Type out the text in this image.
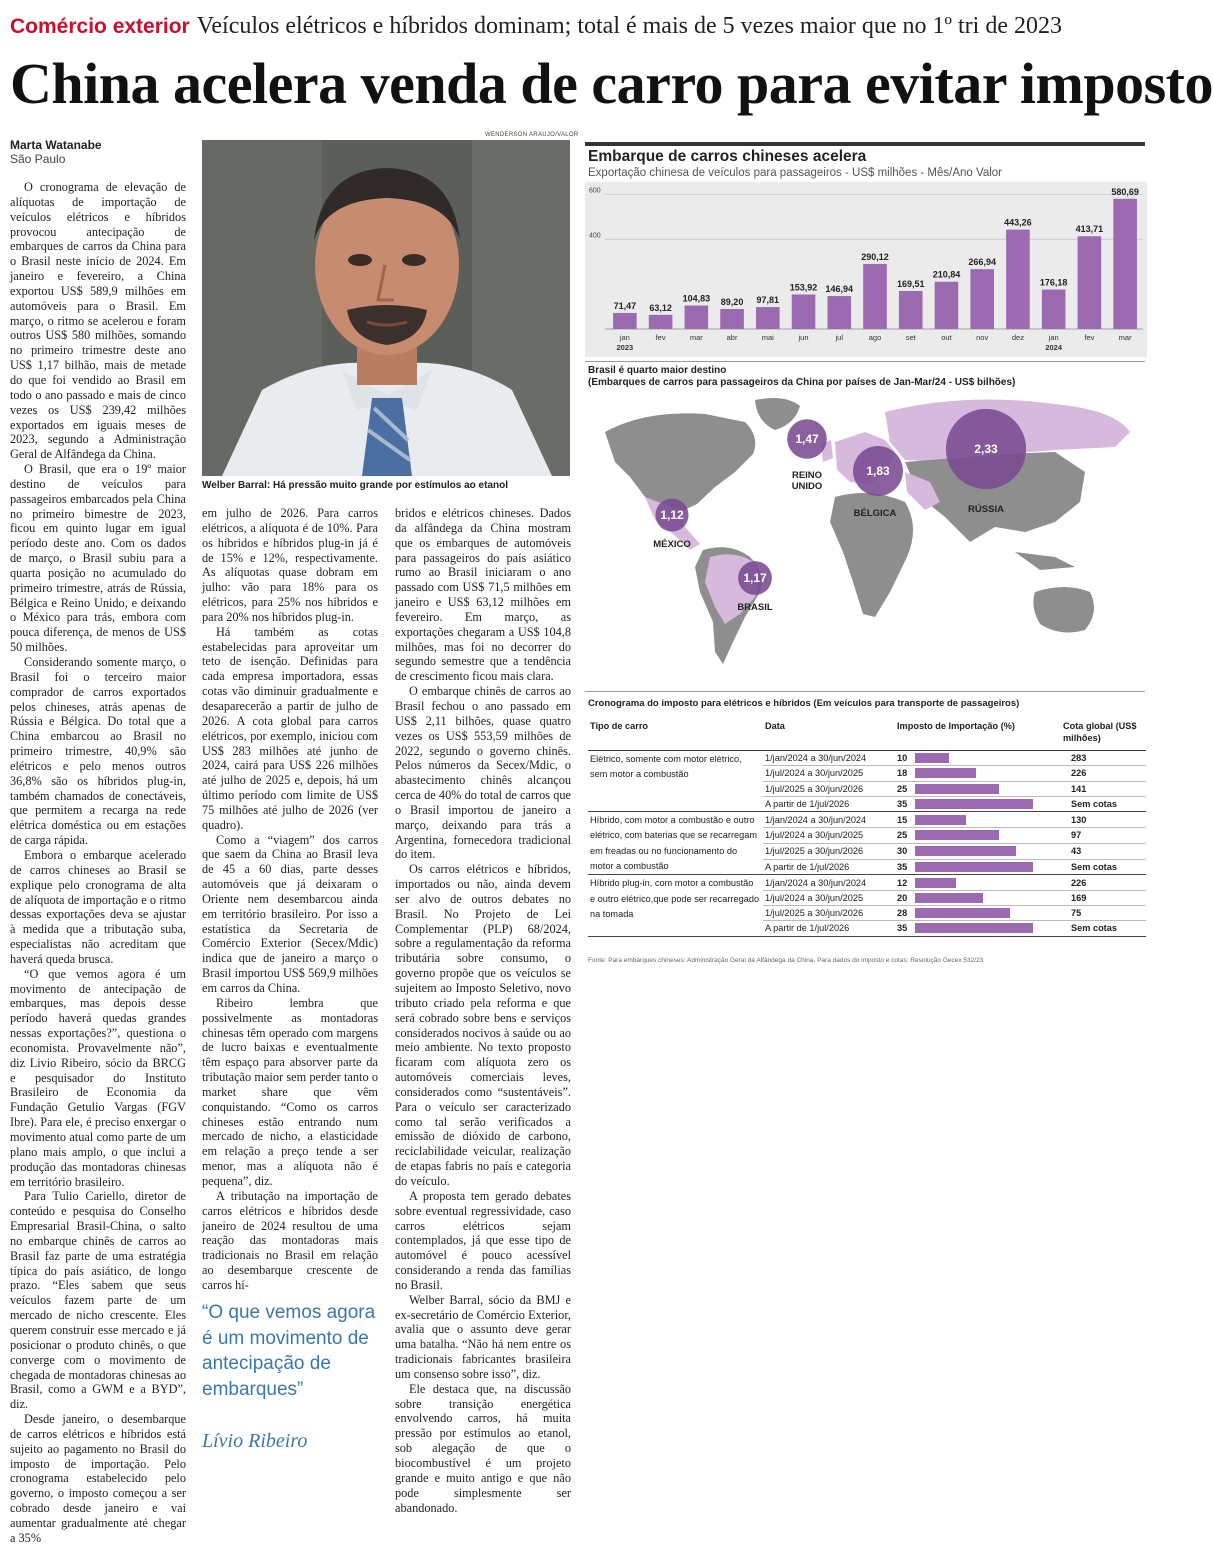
Comércio exterior Veículos elétricos e híbridos dominam; total é mais de 5 vezes maior que no 1º tri de 2023
China acelera venda de carro para evitar imposto
Marta Watanabe
São Paulo

O cronograma de elevação de alíquotas de importação de veículos elétricos e híbridos provocou antecipação de embarques de carros da China para o Brasil neste início de 2024. Em janeiro e fevereiro, a China exportou US$ 589,9 milhões em automóveis para o Brasil. Em março, o ritmo se acelerou e foram outros US$ 580 milhões, somando no primeiro trimestre deste ano US$ 1,17 bilhão, mais de metade do que foi vendido ao Brasil em todo o ano passado e mais de cinco vezes os US$ 239,42 milhões exportados em iguais meses de 2023, segundo a Administração Geral de Alfândega da China.

O Brasil, que era o 19º maior destino de veículos para passageiros embarcados pela China no primeiro bimestre de 2023, ficou em quinto lugar em igual período deste ano. Com os dados de março, o Brasil subiu para a quarta posição no acumulado do primeiro trimestre, atrás de Rússia, Bélgica e Reino Unido, e deixando o México para trás, embora com pouca diferença, de menos de US$ 50 milhões.

Considerando somente março, o Brasil foi o terceiro maior comprador de carros exportados pelos chineses, atrás apenas de Rússia e Bélgica. Do total que a China embarcou ao Brasil no primeiro trimestre, 40,9% são elétricos e pelo menos outros 36,8% são os híbridos plug-in, também chamados de conectáveis, que permitem a recarga na rede elétrica doméstica ou em estações de carga rápida.

Embora o embarque acelerado de carros chineses ao Brasil se explique pelo cronograma de alta de alíquota de importação e o ritmo dessas exportações deva se ajustar à medida que a tributação suba, especialistas não acreditam que haverá queda brusca.

“O que vemos agora é um movimento de antecipação de embarques, mas depois desse período haverá quedas grandes nessas exportações?”, questiona o economista. Provavelmente não”, diz Livio Ribeiro, sócio da BRCG e pesquisador do Instituto Brasileiro de Economia da Fundação Getulio Vargas (FGV Ibre). Para ele, é preciso enxergar o movimento atual como parte de um plano mais amplo, o que inclui a produção das montadoras chinesas em território brasileiro.

Para Tulio Cariello, diretor de conteúdo e pesquisa do Conselho Empresarial Brasil-China, o salto no embarque chinês de carros ao Brasil faz parte de uma estratégia típica do país asiático, de longo prazo. “Eles sabem que seus veículos fazem parte de um mercado de nicho crescente. Eles querem construir esse mercado e já posicionar o produto chinês, o que converge com o movimento de chegada de montadoras chinesas ao Brasil, como a GWM e a BYD”, diz.

Desde janeiro, o desembarque de carros elétricos e híbridos está sujeito ao pagamento no Brasil do imposto de importação. Pelo cronograma estabelecido pelo governo, o imposto começou a ser cobrado desde janeiro e vai aumentar gradualmente até chegar a 35%

WENDERSON ARAUJO/VALOR
Welber Barral: Há pressão muito grande por estímulos ao etanol

em julho de 2026. Para carros elétricos, a alíquota é de 10%. Para os híbridos e híbridos plug-in já é de 15% e 12%, respectivamente. As alíquotas quase dobram em julho: vão para 18% para os elétricos, para 25% nos híbridos e para 20% nos híbridos plug-in.

Há também as cotas estabelecidas para aproveitar um teto de isenção. Definidas para cada empresa importadora, essas cotas vão diminuir gradualmente e desaparecerão a partir de julho de 2026. A cota global para carros elétricos, por exemplo, iniciou com US$ 283 milhões até junho de 2024, cairá para US$ 226 milhões até julho de 2025 e, depois, há um último período com limite de US$ 75 milhões até julho de 2026 (ver quadro).

Como a “viagem” dos carros que saem da China ao Brasil leva de 45 a 60 dias, parte desses automóveis que já deixaram o Oriente nem desembarcou ainda em território brasileiro. Por isso a estatística da Secretaria de Comércio Exterior (Secex/Mdic) indica que de janeiro a março o Brasil importou US$ 569,9 milhões em carros da China.

Ribeiro lembra que possivelmente as montadoras chinesas têm operado com margens de lucro baixas e eventualmente têm espaço para absorver parte da tributação maior sem perder tanto o market share que vêm conquistando. “Como os carros chineses estão entrando num mercado de nicho, a elasticidade em relação a preço tende a ser menor, mas a alíquota não é pequena”, diz.

A tributação na importação de carros elétricos e híbridos desde janeiro de 2024 resultou de uma reação das montadoras mais tradicionais no Brasil em relação ao desembarque crescente de carros hí-

“O que vemos agora é um movimento de antecipação de embarques”
Lívio Ribeiro

bridos e elétricos chineses. Dados da alfândega da China mostram que os embarques de automóveis para passageiros do país asiático rumo ao Brasil iniciaram o ano passado com US$ 71,5 milhões em janeiro e US$ 63,12 milhões em fevereiro. Em março, as exportações chegaram a US$ 104,8 milhões, mas foi no decorrer do segundo semestre que a tendência de crescimento ficou mais clara.

O embarque chinês de carros ao Brasil fechou o ano passado em US$ 2,11 bilhões, quase quatro vezes os US$ 553,59 milhões de 2022, segundo o governo chinês. Pelos números da Secex/Mdic, o abastecimento chinês alcançou cerca de 40% do total de carros que o Brasil importou de janeiro a março, deixando para trás a Argentina, fornecedora tradicional do item.

Os carros elétricos e híbridos, importados ou não, ainda devem ser alvo de outros debates no Brasil. No Projeto de Lei Complementar (PLP) 68/2024, sobre a regulamentação da reforma tributária sobre consumo, o governo propõe que os veículos se sujeitem ao Imposto Seletivo, novo tributo criado pela reforma e que será cobrado sobre bens e serviços considerados nocivos à saúde ou ao meio ambiente. No texto proposto ficaram com alíquota zero os automóveis comerciais leves, considerados como “sustentáveis”. Para o veículo ser caracterizado como tal serão verificados a emissão de dióxido de carbono, reciclabilidade veicular, realização de etapas fabris no país e categoria do veículo.

A proposta tem gerado debates sobre eventual regressividade, caso carros elétricos sejam contemplados, já que esse tipo de automóvel é pouco acessível considerando a renda das famílias no Brasil.

Welber Barral, sócio da BMJ e ex-secretário de Comércio Exterior, avalia que o assunto deve gerar uma batalha. “Não há nem entre os tradicionais fabricantes brasileira um consenso sobre isso”, diz.

Ele destaca que, na discussão sobre transição energética envolvendo carros, há muita pressão por estímulos ao etanol, sob alegação de que o biocombustível é um projeto grande e muito antigo e que não pode simplesmente ser abandonado.

Embarque de carros chineses acelera
Exportação chinesa de veículos para passageiros - US$ milhões - Mês/Ano Valor
400
600
71,47
jan
63,12
fev
104,83
mar
89,20
abr
97,81
mai
153,92
jun
146,94
jul
290,12
ago
169,51
set
210,84
out
266,94
nov
443,26
dez
176,18
jan
413,71
fev
580,69
mar
2023	2024
Brasil é quarto maior destino
(Embarques de carros para passageiros da China por países de Jan-Mar/24 - US$ bilhões)
1,47
REINO
UNIDO
1,83
BÉLGICA
2,33
RÚSSIA
1,12
MÉXICO
1,17
BRASIL
Cronograma do imposto para elétricos e híbridos (Em veículos para transporte de passageiros)
Tipo de carro	Data	Imposto de Importação (%)		Cota global (US$ milhões)
Elétrico, somente com motor elétrico, sem motor a combustão	1/jan/2024 a 30/jun/2024	10		283
	1/jul/2024 a 30/jun/2025	18		226
	1/jul/2025 a 30/jun/2026	25		141
	A partir de 1/jul/2026	35		Sem cotas
Híbrido, com motor a combustão e outro elétrico, com baterias que se recarregam em freadas ou no funcionamento do motor a combustão	1/jan/2024 a 30/jun/2024	15		130
	1/jul/2024 a 30/jun/2025	25		97
	1/jul/2025 a 30/jun/2026	30		43
	A partir de 1/jul/2026	35		Sem cotas
Híbrido plug-in, com motor a combustão e outro elétrico,que pode ser recarregado na tomada	1/jan/2024 a 30/jun/2024	12		226
	1/jul/2024 a 30/jun/2025	20		169
	1/jul/2025 a 30/jun/2026	28		75
	A partir de 1/jul/2026	35		Sem cotas
Fonte: Para embarques chineses: Administração Geral da Alfândega da China. Para dados do imposto e cotas: Resolução Gecex 532/23
